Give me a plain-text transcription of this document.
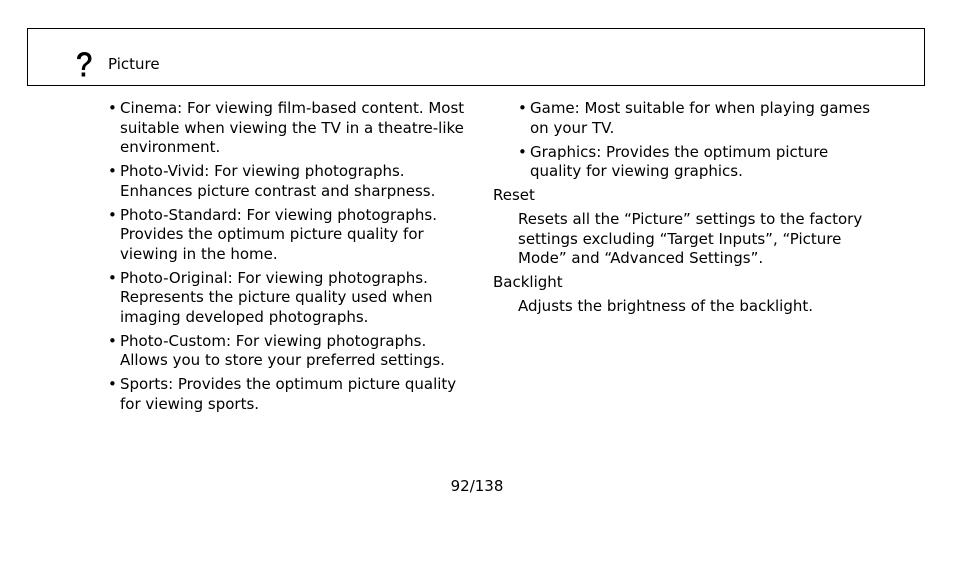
Picture
• Cinema: For viewing film-based content. Most suitable when viewing the TV in a theatre-like environment.
• Photo-Vivid: For viewing photographs. Enhances picture contrast and sharpness.
• Photo-Standard: For viewing photographs. Provides the optimum picture quality for viewing in the home.
• Photo-Original: For viewing photographs. Represents the picture quality used when imaging developed photographs.
• Photo-Custom: For viewing photographs. Allows you to store your preferred settings.
• Sports: Provides the optimum picture quality for viewing sports.
• Game: Most suitable for when playing games on your TV.
• Graphics: Provides the optimum picture quality for viewing graphics.
Reset
Resets all the “Picture” settings to the factory settings excluding “Target Inputs”, “Picture Mode” and “Advanced Settings”.
Backlight
Adjusts the brightness of the backlight.
92/138
